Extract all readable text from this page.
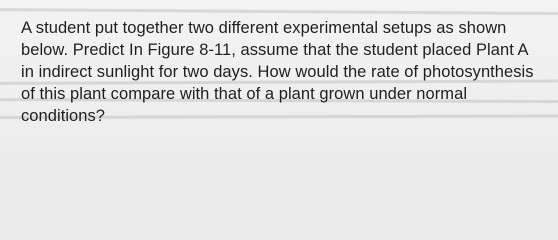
A student put together two different experimental setups as shown below. Predict In Figure 8-11, assume that the student placed Plant A in indirect sunlight for two days. How would the rate of photosynthesis of this plant compare with that of a plant grown under normal conditions?
